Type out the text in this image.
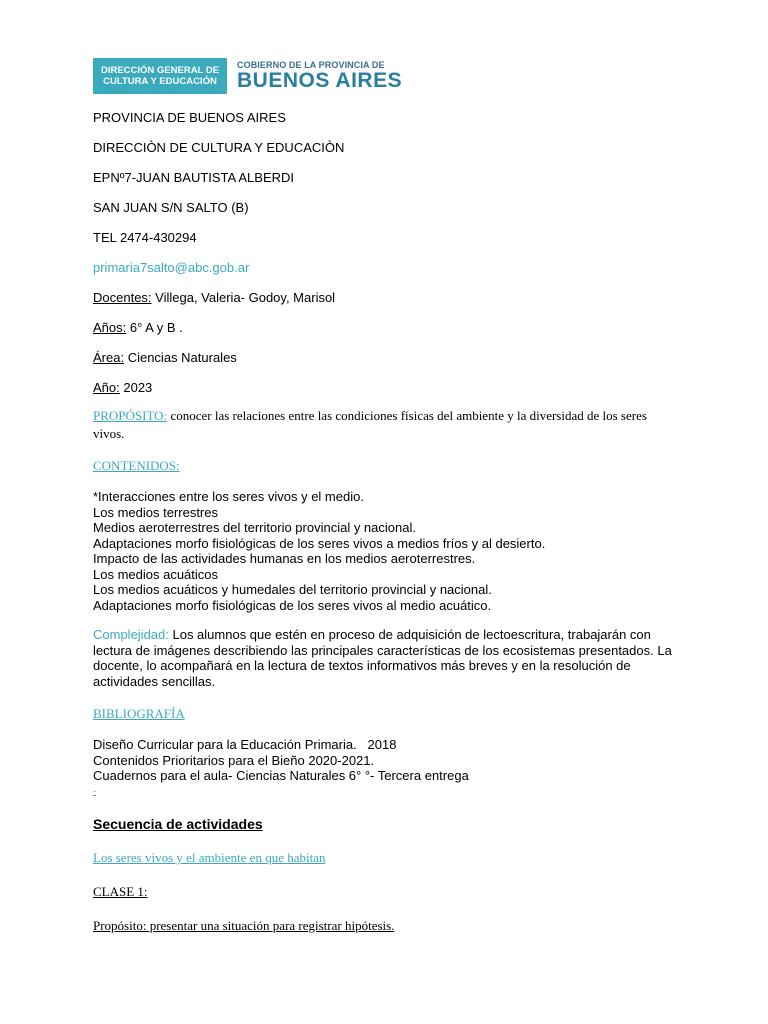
DIRECCIÓN GENERAL DE
CULTURA Y EDUCACIÓN
COBIERNO DE LA PROVINCIA DE
BUENOS AIRES
PROVINCIA DE BUENOS AIRES
DIRECCIÒN DE CULTURA Y EDUCACIÒN
EPNº7-JUAN BAUTISTA ALBERDI
SAN JUAN S/N SALTO (B)
TEL 2474-430294
primaria7salto@abc.gob.ar
Docentes: Villega, Valeria- Godoy, Marisol
Años: 6° A y B .
Área: Ciencias Naturales
Año: 2023
PROPÓSITO: conocer las relaciones entre las condiciones físicas del ambiente y la diversidad de los seres vivos.
CONTENIDOS:
*Interacciones entre los seres vivos y el medio.
Los medios terrestres
Medios aeroterrestres del territorio provincial y nacional.
Adaptaciones morfo fisiológicas de los seres vivos a medios fríos y al desierto.
Impacto de las actividades humanas en los medios aeroterrestres.
Los medios acuáticos
Los medios acuáticos y humedales del territorio provincial y nacional.
Adaptaciones morfo fisiológicas de los seres vivos al medio acuático.
Complejidad: Los alumnos que estén en proceso de adquisición de lectoescritura, trabajarán con lectura de imágenes describiendo las principales características de los ecosistemas presentados. La docente, lo acompañará en la lectura de textos informativos más breves y en la resolución de actividades sencillas.
BIBLIOGRAFÍA
Diseño Curricular para la Educación Primaria.   2018
Contenidos Prioritarios para el Bieño 2020-2021.
Cuadernos para el aula- Ciencias Naturales 6° °- Tercera entrega
-
Secuencia de actividades
Los seres vivos y el ambiente en que habitan
CLASE 1:
Propósito: presentar una situación para registrar hipótesis.
